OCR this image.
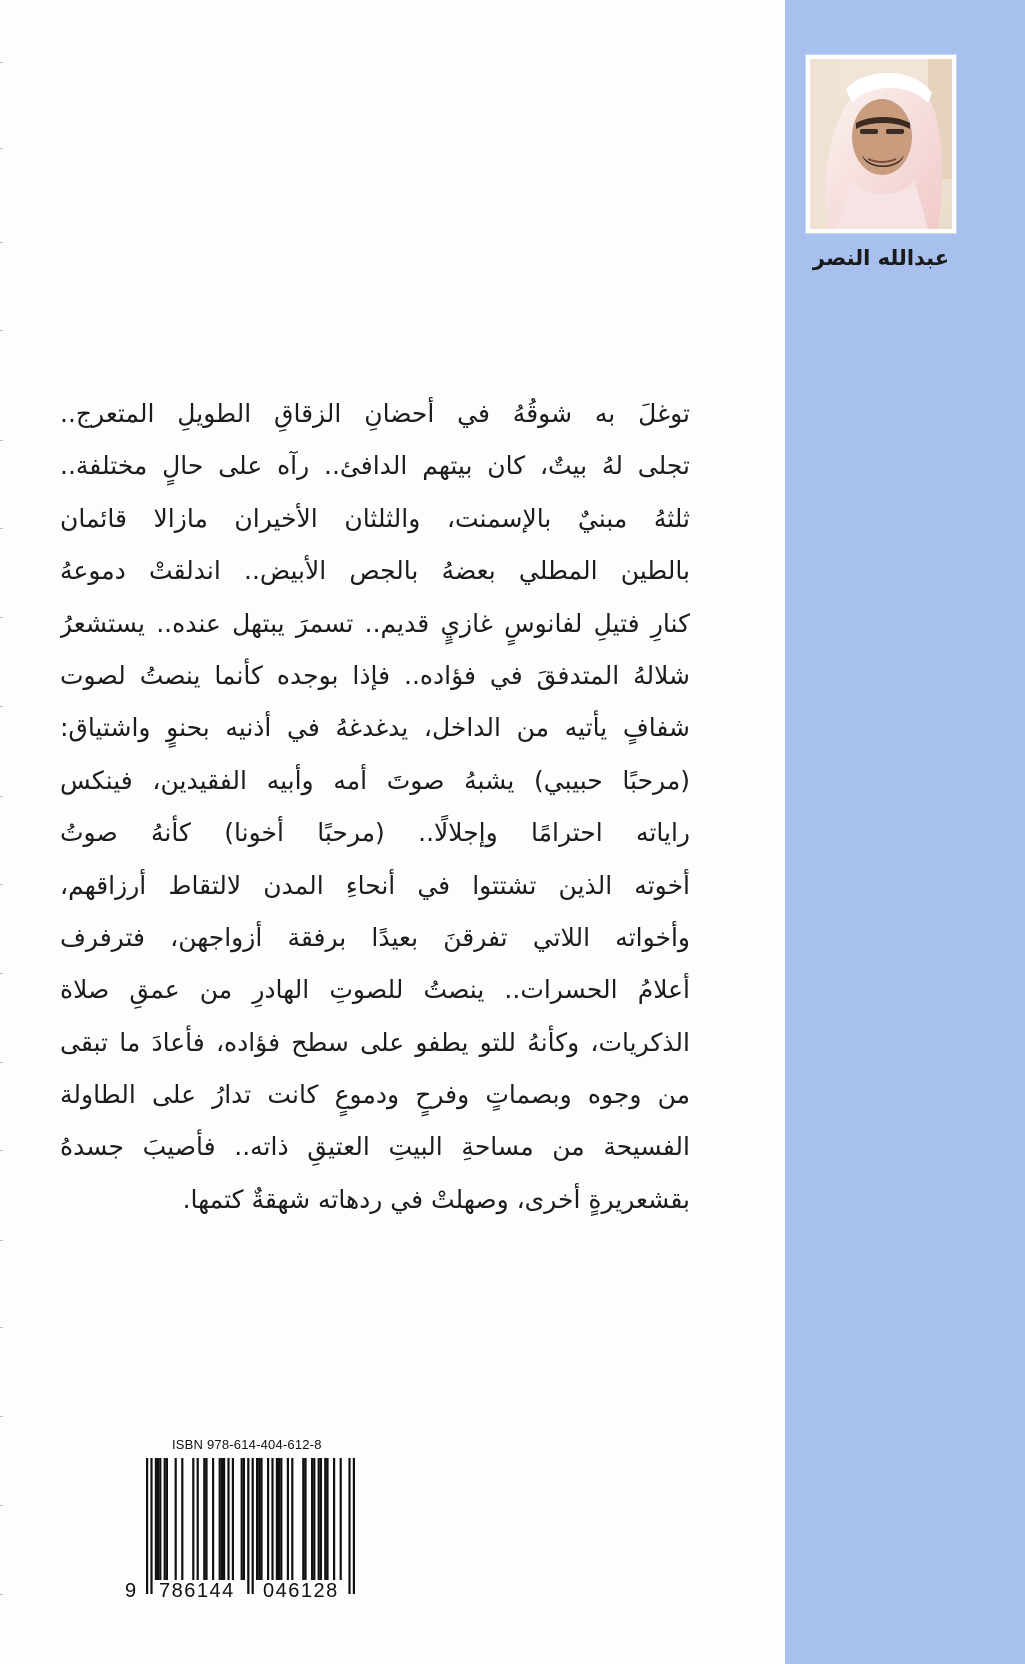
عبدالله النصر
توغلَ به شوقُهُ في أحضانِ الزقاقِ الطويلِ المتعرج..
تجلى لهُ بيتٌ، كان بيتهم الدافئ.. رآه على حالٍ مختلفة..
ثلثهُ مبنيٌ بالإسمنت، والثلثان الأخيران مازالا قائمان
بالطين المطلي بعضهُ بالجص الأبيض.. اندلقتْ دموعهُ
كنارِ فتيلِ لفانوسٍ غازيٍ قديم.. تسمرَ يبتهل عنده.. يستشعرُ
شلالهُ المتدفقَ في فؤاده.. فإذا بوجده كأنما ينصتُ لصوت
شفافٍ يأتيه من الداخل، يدغدغهُ في أذنيه بحنوٍ واشتياق:
(مرحبًا حبيبي) يشبهُ صوتَ أمه وأبيه الفقيدين، فينكس
راياته احترامًا وإجلالًا.. (مرحبًا أخونا) كأنهُ صوتُ
أخوته الذين تشتتوا في أنحاءِ المدن لالتقاط أرزاقهم،
وأخواته اللاتي تفرقنَ بعيدًا برفقة أزواجهن، فترفرف
أعلامُ الحسرات.. ينصتُ للصوتِ الهادرِ من عمقِ صلاة
الذكريات، وكأنهُ للتو يطفو على سطح فؤاده، فأعادَ ما تبقى
من وجوه وبصماتٍ وفرحٍ ودموعٍ كانت تدارُ على الطاولة
الفسيحة من مساحةِ البيتِ العتيقِ ذاته.. فأصيبَ جسدهُ
بقشعريرةٍ أخرى، وصهلتْ في ردهاته شهقةٌ كتمها.
ISBN 978-614-404-612-8
9 786144 046128
